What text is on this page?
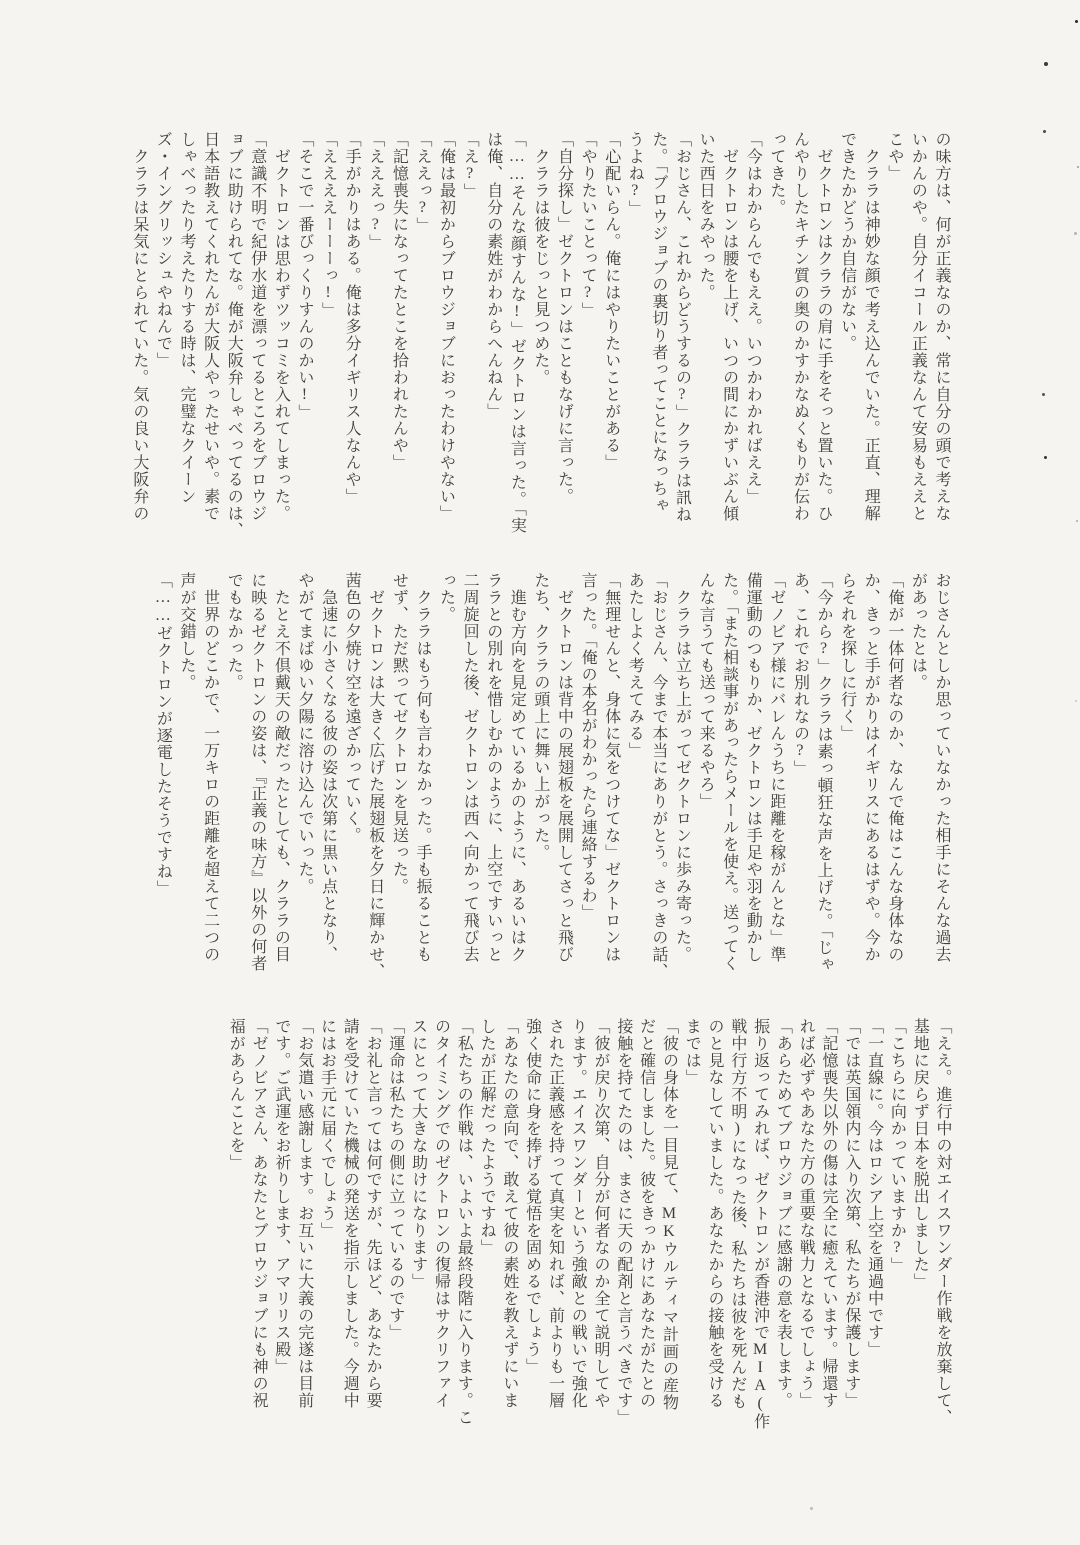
の味方は、何が正義なのか、常に自分の頭で考えな
いかんのや。自分イコール正義なんて安易もええと
こや」
　クララは神妙な顔で考え込んでいた。正直、理解
できたかどうか自信がない。
　ゼクトロンはクララの肩に手をそっと置いた。ひ
んやりしたキチン質の奥のかすかなぬくもりが伝わ
ってきた。
「今はわからんでもええ。いつかわかればええ」
　ゼクトロンは腰を上げ、いつの間にかずいぶん傾
いた西日をみやった。
「おじさん、これからどうするの?」クララは訊ね
た。「ブロウジョブの裏切り者ってことになっちゃ
うよね?」
「心配いらん。俺にはやりたいことがある」
「やりたいことって?」
「自分探し」ゼクトロンはこともなげに言った。
　クララは彼をじっと見つめた。
「……そんな顔すんな!」ゼクトロンは言った。「実
は俺、自分の素姓がわからへんねん」
「え?」
「俺は最初からブロウジョブにおったわけやない」
「ええっ?」
「記憶喪失になってたとこを拾われたんや」
「えええっ?」
「手がかりはある。俺は多分イギリス人なんや」
「ええええーーーっ!」
「そこで一番びっくりすんのかい!」
　ゼクトロンは思わずツッコミを入れてしまった。
「意識不明で紀伊水道を漂ってるところをブロウジ
ョブに助けられてな。俺が大阪弁しゃべってるのは、
日本語教えてくれたんが大阪人やったせいや。素で
しゃべったり考えたりする時は、完璧なクイーン
ズ・イングリッシュやねんで」
　クララは呆気にとられていた。気の良い大阪弁の
おじさんとしか思っていなかった相手にそんな過去
があったとは。
「俺が一体何者なのか、なんで俺はこんな身体なの
か、きっと手がかりはイギリスにあるはずや。今か
らそれを探しに行く」
「今から?」クララは素っ頓狂な声を上げた。「じゃ
あ、これでお別れなの?」
「ゼノビア様にバレんうちに距離を稼がんとな」準
備運動のつもりか、ゼクトロンは手足や羽を動かし
た。「また相談事があったらメールを使え。送ってく
んな言うても送って来るやろ」
　クララは立ち上がってゼクトロンに歩み寄った。
「おじさん、今まで本当にありがとう。さっきの話、
あたしよく考えてみる」
「無理せんと、身体に気をつけてな」ゼクトロンは
言った。「俺の本名がわかったら連絡するわ」
　ゼクトロンは背中の展翅板を展開してさっと飛び
たち、クララの頭上に舞い上がった。
　進む方向を見定めているかのように、あるいはク
ララとの別れを惜しむかのように、上空ですいっと
二周旋回した後、ゼクトロンは西へ向かって飛び去
った。
　クララはもう何も言わなかった。手も振ることも
せず、ただ黙ってゼクトロンを見送った。
　ゼクトロンは大きく広げた展翅板を夕日に輝かせ、
茜色の夕焼け空を遠ざかっていく。
　急速に小さくなる彼の姿は次第に黒い点となり、
やがてまばゆい夕陽に溶け込んでいった。
　たとえ不倶戴天の敵だったとしても、クララの目
に映るゼクトロンの姿は、『正義の味方』以外の何者
でもなかった。
　世界のどこかで、一万キロの距離を超えて二つの
声が交錯した。
「……ゼクトロンが逐電したそうですね」
「ええ。進行中の対エイスワンダー作戦を放棄して、
基地に戻らず日本を脱出しました」
「こちらに向かっていますか?」
「一直線に。今はロシア上空を通過中です」
「では英国領内に入り次第、私たちが保護します」
「記憶喪失以外の傷は完全に癒えています。帰還す
れば必ずやあなた方の重要な戦力となるでしょう」
「あらためてブロウジョブに感謝の意を表します。
振り返ってみれば、ゼクトロンが香港沖でMIA(作
戦中行方不明)になった後、私たちは彼を死んだも
のと見なしていました。あなたからの接触を受ける
までは」
「彼の身体を一目見て、MKウルティマ計画の産物
だと確信しました。彼をきっかけにあなたがたとの
接触を持てたのは、まさに天の配剤と言うべきです」
「彼が戻り次第、自分が何者なのか全て説明してや
ります。エイスワンダーという強敵との戦いで強化
された正義感を持って真実を知れば、前よりも一層
強く使命に身を捧げる覚悟を固めるでしょう」
「あなたの意向で、敢えて彼の素姓を教えずにいま
したが正解だったようですね」
「私たちの作戦は、いよいよ最終段階に入ります。こ
のタイミングでのゼクトロンの復帰はサクリファイ
スにとって大きな助けになります」
「運命は私たちの側に立っているのです」
「お礼と言っては何ですが、先ほど、あなたから要
請を受けていた機械の発送を指示しました。今週中
にはお手元に届くでしょう」
「お気遣い感謝します。お互いに大義の完遂は目前
です。ご武運をお祈りします、アマリリス殿」
「ゼノビアさん、あなたとブロウジョブにも神の祝
福があらんことを」
